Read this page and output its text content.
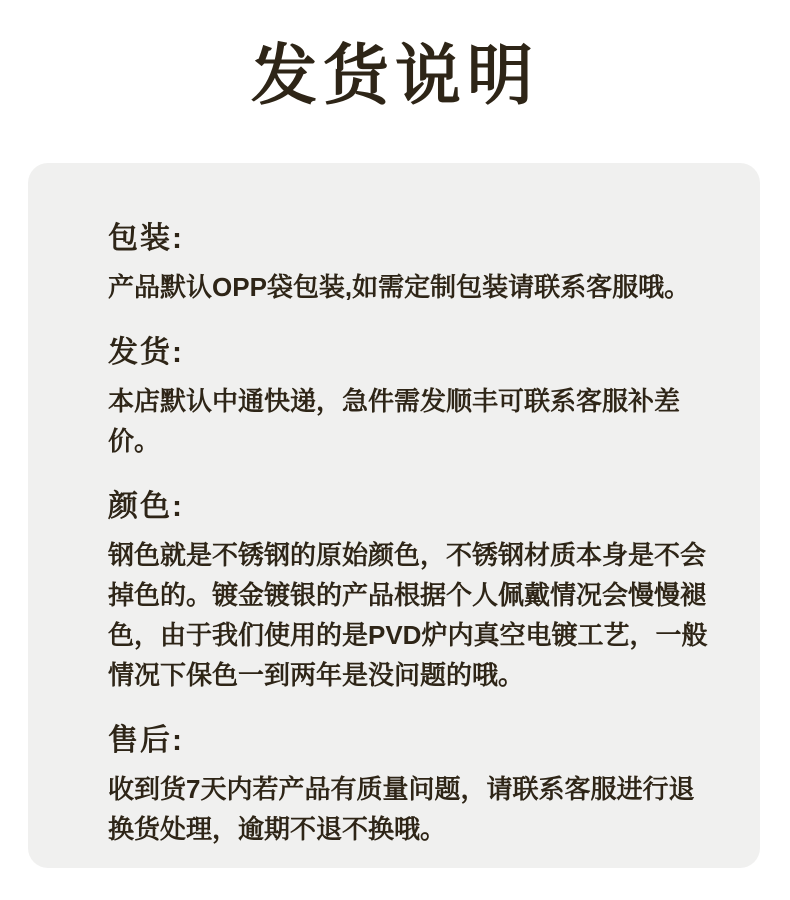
发货说明
包装:

产品默认OPP袋包装,如需定制包装请联系客服哦。

发货:

本店默认中通快递，急件需发顺丰可联系客服补差价。

颜色:

钢色就是不锈钢的原始颜色，不锈钢材质本身是不会掉色的。镀金镀银的产品根据个人佩戴情况会慢慢褪色，由于我们使用的是PVD炉内真空电镀工艺，一般情况下保色一到两年是没问题的哦。

售后:

收到货7天内若产品有质量问题，请联系客服进行退换货处理，逾期不退不换哦。
